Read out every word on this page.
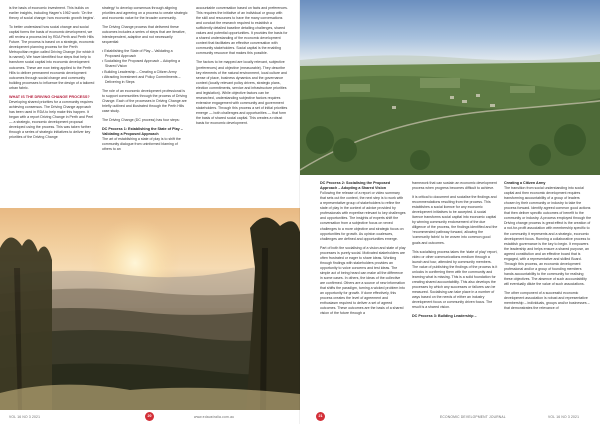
is the basis of economic investment. This builds on earlier insights, including Hagen's 1962 work: 'On the theory of social change: how economic growth begins'.

To better understand how social change and social capital forms the basis of economic development, we will review a process led by RDA Perth and Perth Hills Future. The process is based on a strategic, economic development planning process for the Perth Metropolitan region called Driving Change (for which it is named). We have identified four steps that help to transform social capital into economic development outcomes. These are now being applied to the Perth Hills to deliver permanent economic development outcomes through social change and community building processes to influence the design of a tailored urban fabric.

WHAT IS THE DRIVING CHANGE PROCESS?

Developing shared priorities for a community requires achieving consensus. The Driving Change approach has been used in RDA to help make this happen. It began with a report Driving Change in Perth and Peel — a strategic, economic development proposal developed using the process. This was taken further through a series of strategic initiatives to deliver key priorities of the Driving Change

strategy' to develop consensus through aligning priorities and agreeing on a process to create strategic and economic value for the broader community.

The Driving Change process that delivered these outcomes includes a series of steps that are iterative, interdependent, adaptive and not necessarily sequential:

• Establishing the State of Play – Validating a Proposed Approach
• Socialising the Proposed Approach – Adopting a Shared Vision
• Building Leadership – Creating a Citizen Army
• Attracting Investment and Policy Commitments – Delivering in Steps

The role of an economic development professional is to support communities through the process of Driving Change. Each of the processes in Driving Change are briefly outlined and illustrated through the Perth Hills case study.

The Driving Change (DC process) has four steps:

DC Process 1: Establishing the State of Play – Validating a Proposed Approach

The art of establishing a state of play is to shift the community dialogue from uninformed blaming of others to an

accountable conversation based on facts and preferences. This requires the initiative of an individual or group with the skill and resources to have the many conversations and conduct the research required to establish a sufficiently detailed baseline detailing challenges, shared values and potential opportunities. It provides the basis for a shared understanding of the economic development context that facilitates an effective conversation with community stakeholders. Social capital is the enabling community resource that makes this possible.

The factors to be mapped are locally relevant, subjective (preferences) and objective (measurable). They describe key elements of the natural environment, local culture and sense of place, business dynamics and the governance context (locally relevant policy drivers, strategic plans, election commitments, service and infrastructure priorities and legislation). While objective factors can be researched, understanding subjective factors requires extensive engagement with community and government stakeholders. Through this process a set of initial priorities emerge — both challenges and opportunities — that form the basis of shared social capital. This creates a robust basis for economic development.

VOL 16 NO 3 2021	20	www.edaustralia.com.au
DC Process 2: Socialising the Proposed Approach – Adopting a Shared Vision

Following the release of a report or video summary that sets out the context, the next step is to work with a representative group of stakeholders to refine the state of play in the context of advice provided by professionals with expertise relevant to key challenges and opportunities. The insights of experts shift the conversation from a subjective focus on vexed challenges to a more objective and strategic focus on opportunities for growth. As opinion coalesces, challenges are defined and opportunities emerge.

Part of both the socialising of a vision and state of play processes is purely social. Motivated stakeholders are often frustrated or eager to share ideas. Working through findings with stakeholders provides an opportunity to voice concerns and test ideas. The simple act of being heard can make all the difference in some cases. In others, the ideas of the collective are confirmed. Others are a source of new information that shifts the paradigm, turning a wicked problem into an opportunity for growth. If done effectively, this process creates the level of agreement and enthusiasm required to deliver a set of agreed outcomes. These outcomes are the basis of a shared vision of the future through a

framework that can sustain an economic development process when progress becomes difficult to achieve.

It is critical to document and socialise the findings and recommendations resulting from the process. This establishes a social licence for any economic development initiatives to be accepted. A social licence transforms social capital into economic capital by winning community endorsement of the due diligence of the process, the findings identified and the 'recommended pathway forward, allowing the 'community fabric' to be woven into common good goals and outcomes.

This socialising process takes the 'state of play' report, video or other communications medium through a launch and tour, attended by community members. The value of publishing the findings of the process is it unlocks in confirming them with the community and learning what is missing. This is a solid foundation for creating shared accountability. This also develops the processes by which any successes or failures can be measured. Socialising can take place in a number of ways based on the needs of either an industry development focus or community driven focus. The result is a shared vision.

DC Process 3: Building Leadership –
Creating a Citizen Army

The transition from social understanding into social capital and then economic development requires transforming accountability of a group of leaders chosen by their community or industry to take the process forward. Identify agreed common good actions that then deliver specific outcomes of benefit to the community or industry. A process employed through the Driving change process is great effect is the creation of a not-for-profit association with membership specific to the community it represents and a strategic, economic development focus. Running a collaborative process to establish governance is the key to begin. It empowers the leadership and helps ensure a shared purpose, an agreed constitution and an effective board that is engaged, with a representative and skilled Board. Through this process, an economic development professional and/or a group of founding members hands accountability to the community for realising these objectives. The absence of such accountability will eventually dilute the value of such associations.

The other component of a successful economic development association is robust and representative membership – individuals, groups and/or businesses – that demonstrates the relevance of

21	ECONOMIC DEVELOPMENT JOURNAL	VOL 16 NO 3 2021
